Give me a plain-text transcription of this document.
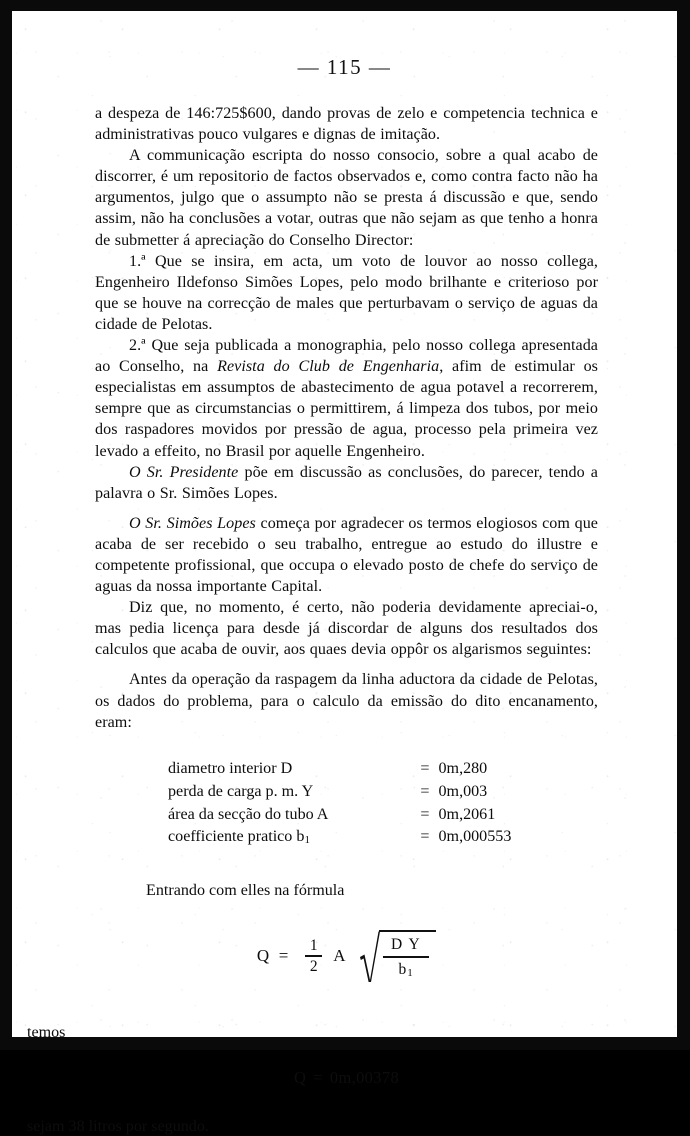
— 115 —

a despeza de 146:725$600, dando provas de zelo e competencia technica e administrativas pouco vulgares e dignas de imitação.

A communicação escripta do nosso consocio, sobre a qual acabo de discorrer, é um repositorio de factos observados e, como contra facto não ha argumentos, julgo que o assumpto não se presta á discussão e que, sendo assim, não ha conclusões a votar, outras que não sejam as que tenho a honra de submetter á apreciação do Conselho Director:

1.ª Que se insira, em acta, um voto de louvor ao nosso collega, Engenheiro Ildefonso Simões Lopes, pelo modo brilhante e criterioso por que se houve na correcção de males que perturbavam o serviço de aguas da cidade de Pelotas.

2.ª Que seja publicada a monographia, pelo nosso collega apresentada ao Conselho, na Revista do Club de Engenharia, afim de estimular os especialistas em assumptos de abastecimento de agua potavel a recorrerem, sempre que as circumstancias o permittirem, á limpeza dos tubos, por meio dos raspadores movidos por pressão de agua, processo pela primeira vez levado a effeito, no Brasil por aquelle Engenheiro.

O Sr. Presidente põe em discussão as conclusões, do parecer, tendo a palavra o Sr. Simões Lopes.

O Sr. Simões Lopes começa por agradecer os termos elogiosos com que acaba de ser recebido o seu trabalho, entregue ao estudo do illustre e competente profissional, que occupa o elevado posto de chefe do serviço de aguas da nossa importante Capital.

Diz que, no momento, é certo, não poderia devidamente apreciai-o, mas pedia licença para desde já discordar de alguns dos resultados dos calculos que acaba de ouvir, aos quaes devia oppôr os algarismos seguintes:

Antes da operação da raspagem da linha aductora da cidade de Pelotas, os dados do problema, para o calculo da emissão do dito encanamento, eram:

diametro interior D	=	0m,280
perda de carga p. m. Y	=	0m,003
área da secção do tubo A	=	0m,2061
coefficiente pratico $b_1$	=	0m,000553

Entrando com elles na fórmula

$Q = \frac{1}{2}$ A
D Y
$b_1$

temos

Q = 0m,00378

sejam 38 litros por segundo.
